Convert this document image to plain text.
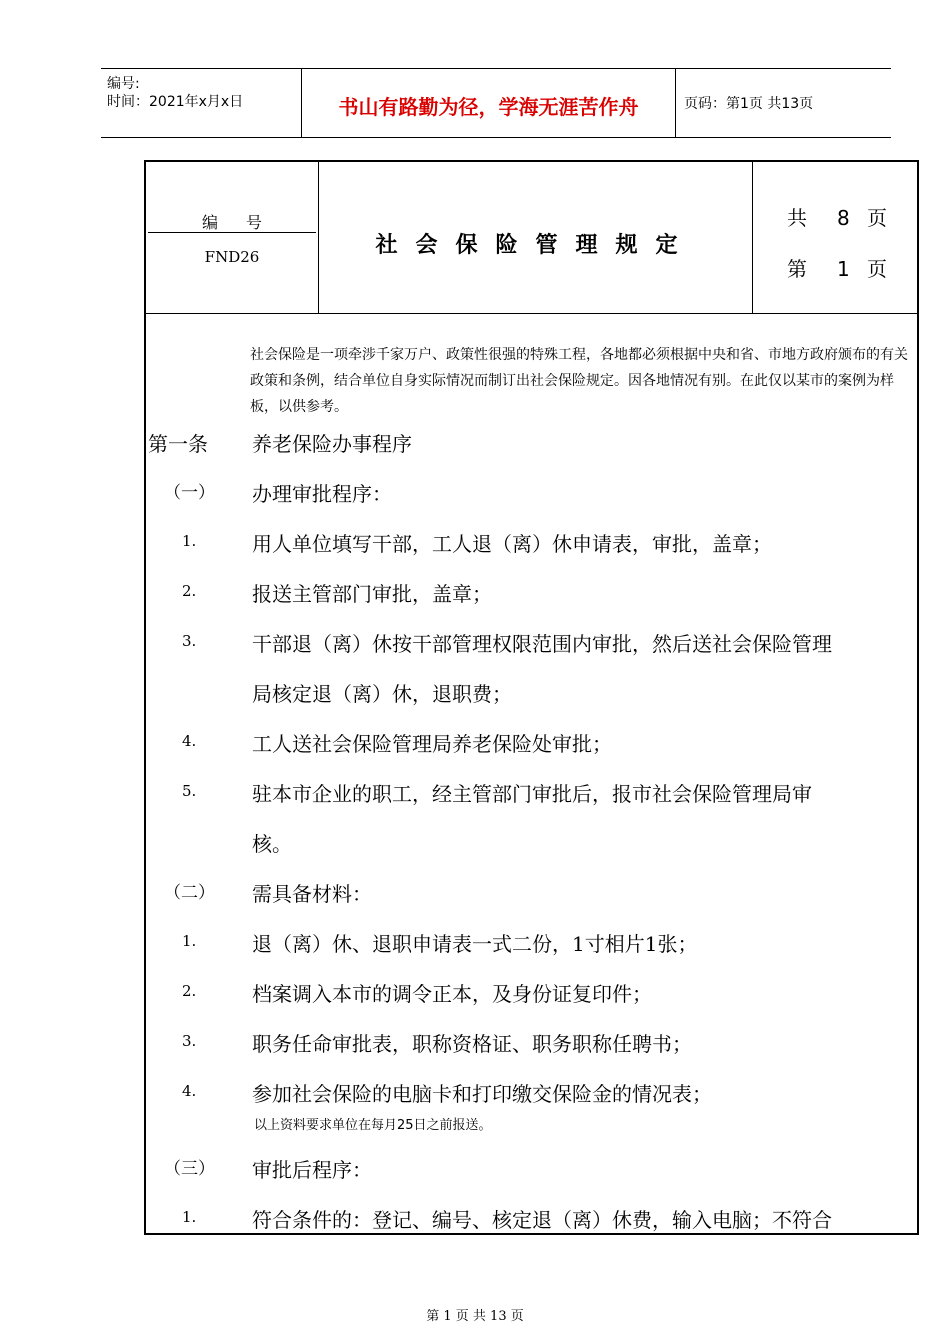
编号:
时间：2021年x月x日	书山有路勤为径，学海无涯苦作舟	页码：第1页 共13页
编号
FND26	社会保险管理规定
共 8 页
第 1 页
社会保险是一项牵涉千家万户、政策性很强的特殊工程，各地都必须根据中央和省、市地方政府颁布的有关政策和条例，结合单位自身实际情况而制订出社会保险规定。因各地情况有别。在此仅以某市的案例为样板，以供参考。
第一条 养老保险办事程序
（一） 办理审批程序：
1.	用人单位填写干部，工人退（离）休申请表，审批，盖章；
2.	报送主管部门审批，盖章；
3.	干部退（离）休按干部管理权限范围内审批，然后送社会保险管理
局核定退（离）休，退职费；
4.	工人送社会保险管理局养老保险处审批；
5.	驻本市企业的职工，经主管部门审批后，报市社会保险管理局审
核。
（二） 需具备材料：
1.	退（离）休、退职申请表一式二份，1寸相片1张；
2.	档案调入本市的调令正本，及身份证复印件；
3.	职务任命审批表，职称资格证、职务职称任聘书；
4.	参加社会保险的电脑卡和打印缴交保险金的情况表；
以上资料要求单位在每月25日之前报送。
（三） 审批后程序：
1.	符合条件的：登记、编号、核定退（离）休费，输入电脑；不符合
第 1 页 共 13 页
